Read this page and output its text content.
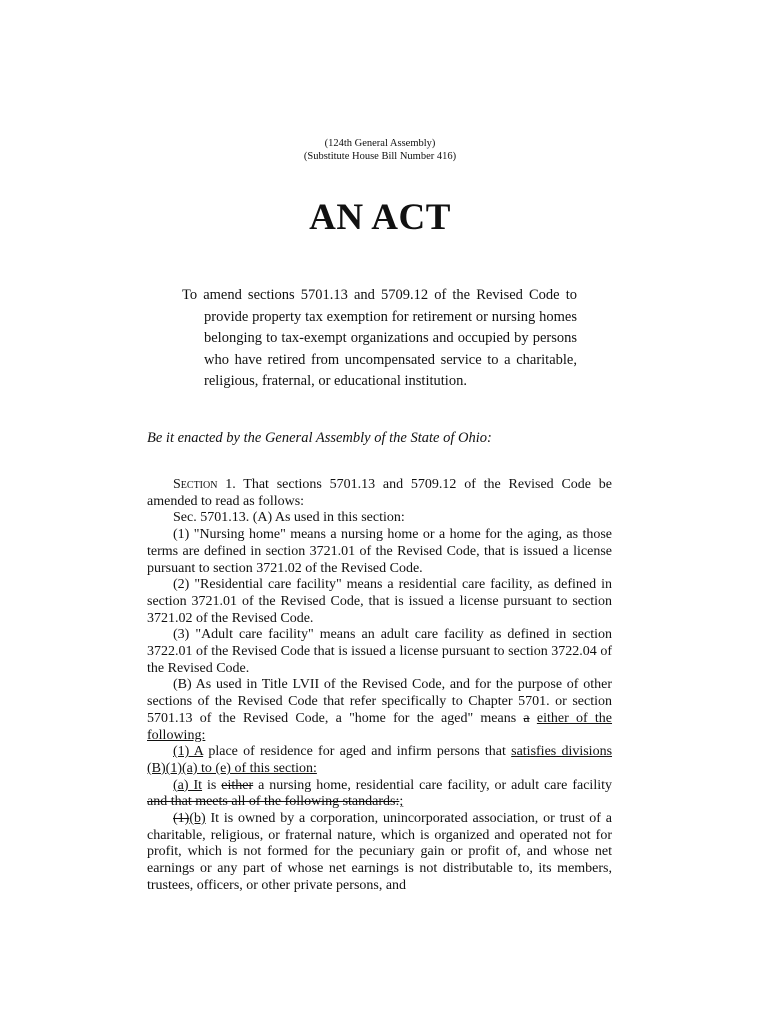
(124th General Assembly)
(Substitute House Bill Number 416)
AN ACT
To amend sections 5701.13 and 5709.12 of the Revised Code to provide property tax exemption for retirement or nursing homes belonging to tax-exempt organizations and occupied by persons who have retired from uncompensated service to a charitable, religious, fraternal, or educational institution.
Be it enacted by the General Assembly of the State of Ohio:

Section 1. That sections 5701.13 and 5709.12 of the Revised Code be amended to read as follows:

Sec. 5701.13. (A) As used in this section:

(1) "Nursing home" means a nursing home or a home for the aging, as those terms are defined in section 3721.01 of the Revised Code, that is issued a license pursuant to section 3721.02 of the Revised Code.

(2) "Residential care facility" means a residential care facility, as defined in section 3721.01 of the Revised Code, that is issued a license pursuant to section 3721.02 of the Revised Code.

(3) "Adult care facility" means an adult care facility as defined in section 3722.01 of the Revised Code that is issued a license pursuant to section 3722.04 of the Revised Code.

(B) As used in Title LVII of the Revised Code, and for the purpose of other sections of the Revised Code that refer specifically to Chapter 5701. or section 5701.13 of the Revised Code, a "home for the aged" means a either of the following:

(1) A place of residence for aged and infirm persons that satisfies divisions (B)(1)(a) to (e) of this section:

(a) It is either a nursing home, residential care facility, or adult care facility and that meets all of the following standards:;

(1)(b) It is owned by a corporation, unincorporated association, or trust of a charitable, religious, or fraternal nature, which is organized and operated not for profit, which is not formed for the pecuniary gain or profit of, and whose net earnings or any part of whose net earnings is not distributable to, its members, trustees, officers, or other private persons, and
